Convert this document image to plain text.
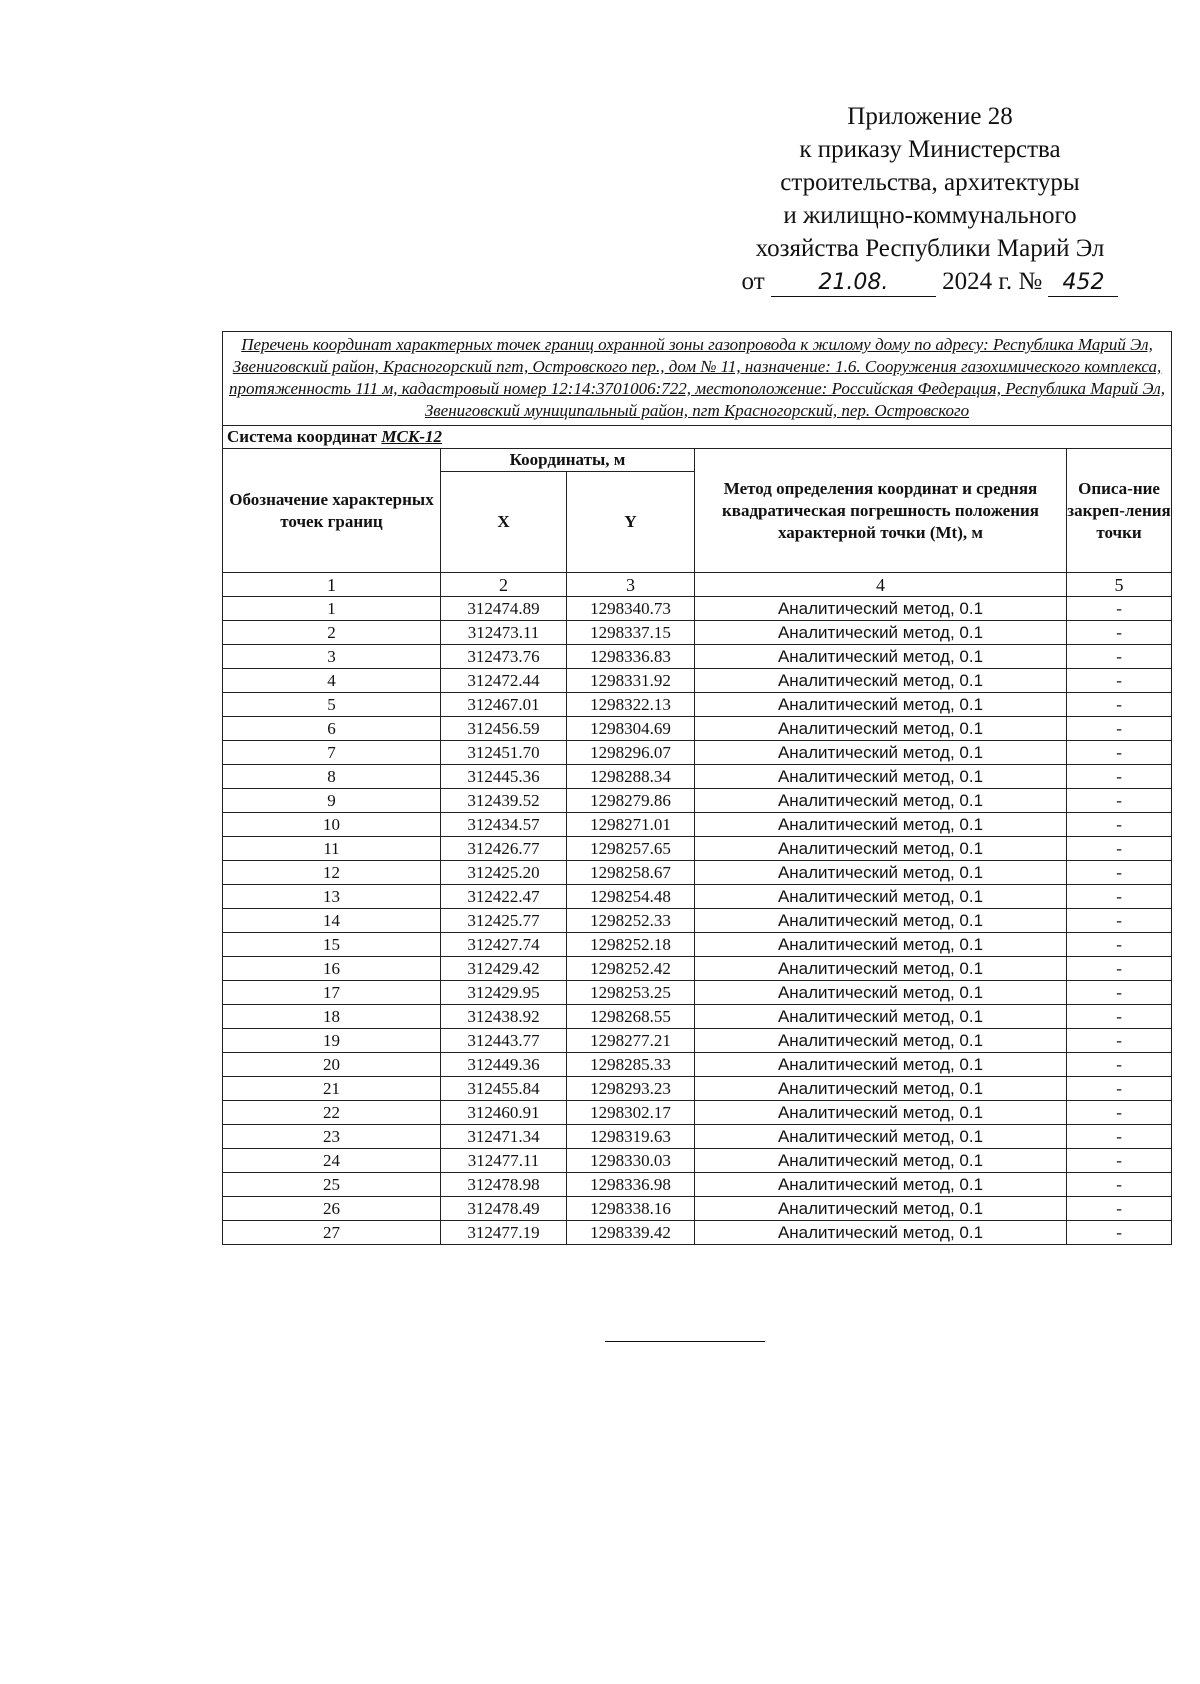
Приложение 28
к приказу Министерства
строительства, архитектуры
и жилищно-коммунального
хозяйства Республики Марий Эл
от 21.08. 2024 г. № 452
Перечень координат характерных точек границ охранной зоны газопровода к жилому дому по адресу: Республика Марий Эл, Звениговский район, Красногорский пгт, Островского пер., дом № 11, назначение: 1.6. Сооружения газохимического комплекса, протяженность 111 м, кадастровый номер 12:14:3701006:722, местоположение: Российская Федерация, Республика Марий Эл, Звениговский муниципальный район, пгт Красногорский, пер. Островского				
Система координат МСК-12				
Обозначение характерных точек границ	Координаты, м		Метод определения координат и средняя квадратическая погрешность положения характерной точки (Mt), м	Описа-ние закреп-ления точки
	X	Y		
1	2	3	4	5
1	312474.89	1298340.73	Аналитический метод, 0.1	-
2	312473.11	1298337.15	Аналитический метод, 0.1	-
3	312473.76	1298336.83	Аналитический метод, 0.1	-
4	312472.44	1298331.92	Аналитический метод, 0.1	-
5	312467.01	1298322.13	Аналитический метод, 0.1	-
6	312456.59	1298304.69	Аналитический метод, 0.1	-
7	312451.70	1298296.07	Аналитический метод, 0.1	-
8	312445.36	1298288.34	Аналитический метод, 0.1	-
9	312439.52	1298279.86	Аналитический метод, 0.1	-
10	312434.57	1298271.01	Аналитический метод, 0.1	-
11	312426.77	1298257.65	Аналитический метод, 0.1	-
12	312425.20	1298258.67	Аналитический метод, 0.1	-
13	312422.47	1298254.48	Аналитический метод, 0.1	-
14	312425.77	1298252.33	Аналитический метод, 0.1	-
15	312427.74	1298252.18	Аналитический метод, 0.1	-
16	312429.42	1298252.42	Аналитический метод, 0.1	-
17	312429.95	1298253.25	Аналитический метод, 0.1	-
18	312438.92	1298268.55	Аналитический метод, 0.1	-
19	312443.77	1298277.21	Аналитический метод, 0.1	-
20	312449.36	1298285.33	Аналитический метод, 0.1	-
21	312455.84	1298293.23	Аналитический метод, 0.1	-
22	312460.91	1298302.17	Аналитический метод, 0.1	-
23	312471.34	1298319.63	Аналитический метод, 0.1	-
24	312477.11	1298330.03	Аналитический метод, 0.1	-
25	312478.98	1298336.98	Аналитический метод, 0.1	-
26	312478.49	1298338.16	Аналитический метод, 0.1	-
27	312477.19	1298339.42	Аналитический метод, 0.1	-
